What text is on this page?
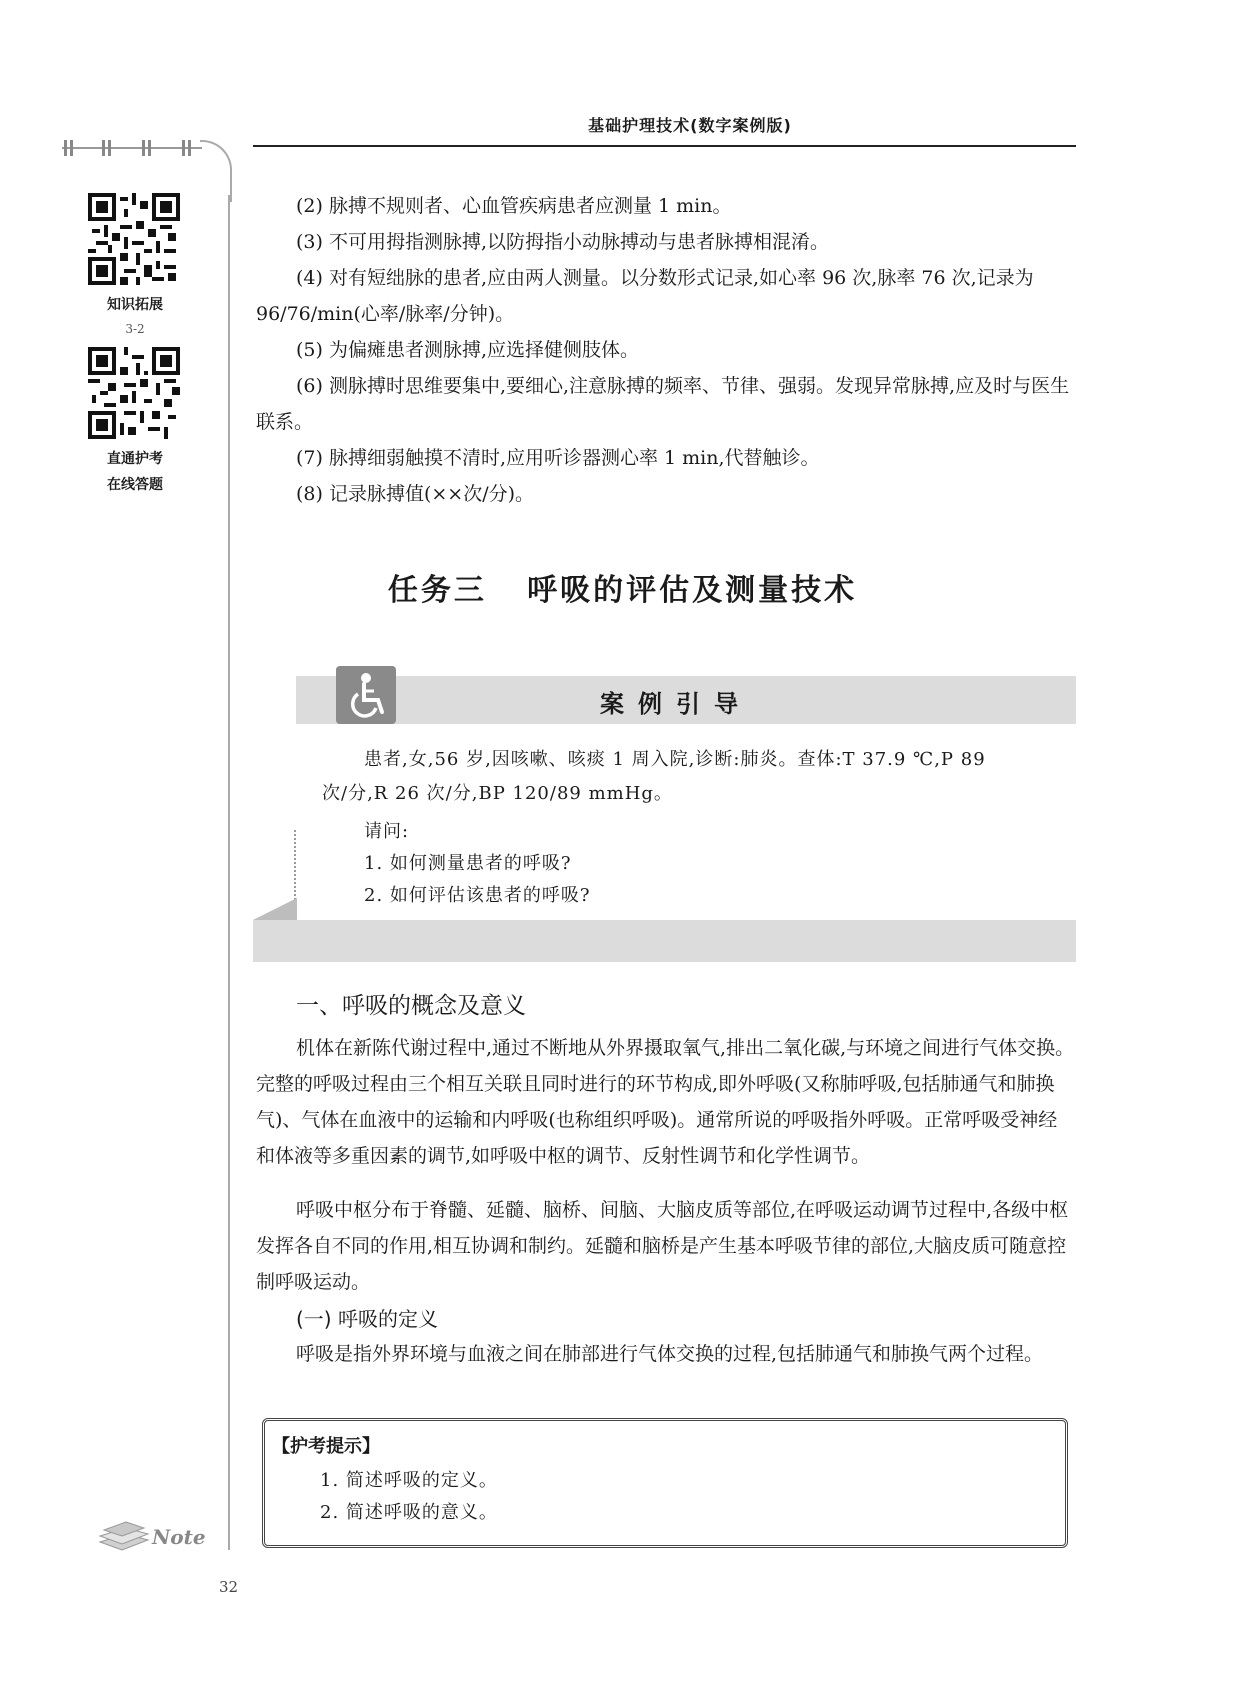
基础护理技术(数字案例版)
知识拓展
3-2
直通护考
在线答题
(2) 脉搏不规则者、心血管疾病患者应测量 1 min。
(3) 不可用拇指测脉搏,以防拇指小动脉搏动与患者脉搏相混淆。

(4) 对有短绌脉的患者,应由两人测量。以分数形式记录,如心率 96 次,脉率 76 次,记录为 96/76/min(心率/脉率/分钟)。

(5) 为偏瘫患者测脉搏,应选择健侧肢体。

(6) 测脉搏时思维要集中,要细心,注意脉搏的频率、节律、强弱。发现异常脉搏,应及时与医生联系。

(7) 脉搏细弱触摸不清时,应用听诊器测心率 1 min,代替触诊。
(8) 记录脉搏值(××次/分)。
任务三   呼吸的评估及测量技术
案例引导
患者,女,56 岁,因咳嗽、咳痰 1 周入院,诊断:肺炎。查体:T 37.9 ℃,P 89
次/分,R 26 次/分,BP 120/89 mmHg。
请问:
1. 如何测量患者的呼吸?
2. 如何评估该患者的呼吸?
一、呼吸的概念及意义

机体在新陈代谢过程中,通过不断地从外界摄取氧气,排出二氧化碳,与环境之间进行气体交换。完整的呼吸过程由三个相互关联且同时进行的环节构成,即外呼吸(又称肺呼吸,包括肺通气和肺换气)、气体在血液中的运输和内呼吸(也称组织呼吸)。通常所说的呼吸指外呼吸。正常呼吸受神经和体液等多重因素的调节,如呼吸中枢的调节、反射性调节和化学性调节。

呼吸中枢分布于脊髓、延髓、脑桥、间脑、大脑皮质等部位,在呼吸运动调节过程中,各级中枢发挥各自不同的作用,相互协调和制约。延髓和脑桥是产生基本呼吸节律的部位,大脑皮质可随意控制呼吸运动。

(一) 呼吸的定义

呼吸是指外界环境与血液之间在肺部进行气体交换的过程,包括肺通气和肺换气两个过程。

【护考提示】
1. 简述呼吸的定义。
2. 简述呼吸的意义。
Note
32
